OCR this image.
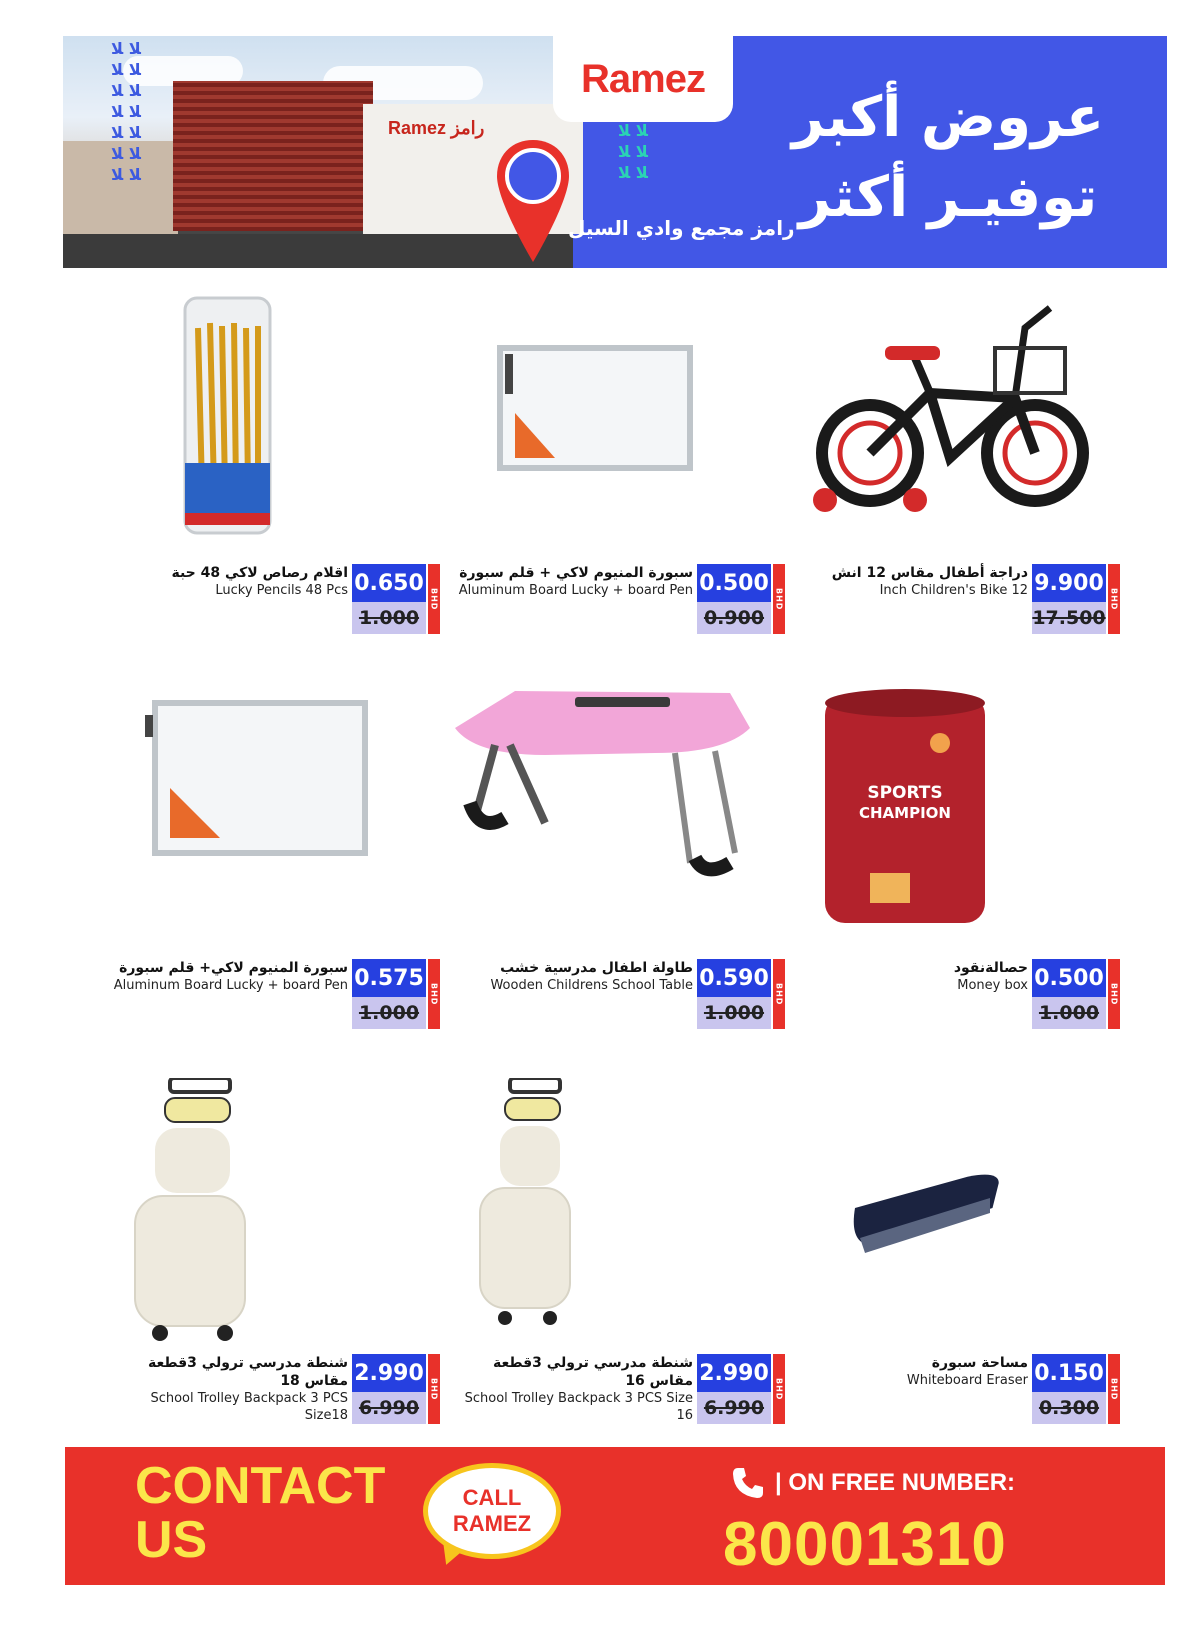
Ramez رامز
ﻼ ﻼ
ﻼ ﻼ
ﻼ ﻼ
ﻼ ﻼ
ﻼ ﻼ
ﻼ ﻼ
ﻼ ﻼ
Ramez
ﻼ ﻼ
ﻼ ﻼ
ﻼ ﻼ
رامز مجمع وادي السيل
عروض أكبر
توفيـر أكثر
دراجة أطفال مقاس 12 انش
Inch Children's Bike 12 9.900
17.500
BHD
سبورة المنيوم لاكي + قلم سبورة
Aluminum Board Lucky + board Pen 0.500
0.900
BHD
اقلام رصاص لاكي 48 حبة
Lucky Pencils 48 Pcs 0.650
1.000
BHD
SPORTS
CHAMPION
حصالةنقود
Money box 0.500
1.000
BHD
طاولة اطفال مدرسية خشب
Wooden Childrens School Table 0.590
1.000
BHD
سبورة المنيوم لاكي+ قلم سبورة
Aluminum Board Lucky + board Pen 0.575
1.000
BHD
مساحة سبورة
Whiteboard Eraser 0.150
0.300
BHD
شنطة مدرسي ترولي 3قطعة مقاس 16
School Trolley Backpack 3 PCS Size 16
2.990
6.990
BHD
شنطة مدرسي ترولي 3قطعة مقاس 18
School Trolley Backpack 3 PCS Size18
2.990
6.990
BHD
CONTACT US
CALL
RAMEZ
| ON FREE NUMBER:
80001310
